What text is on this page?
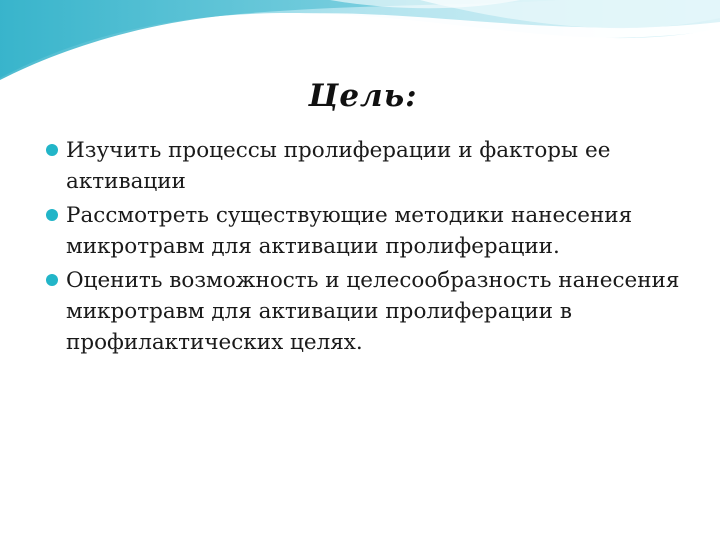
Цель:
Изучить процессы пролиферации и факторы ее активации
Рассмотреть существующие методики нанесения микротравм для активации пролиферации.
Оценить возможность и целесообразность нанесения микротравм для активации пролиферации в профилактических целях.
